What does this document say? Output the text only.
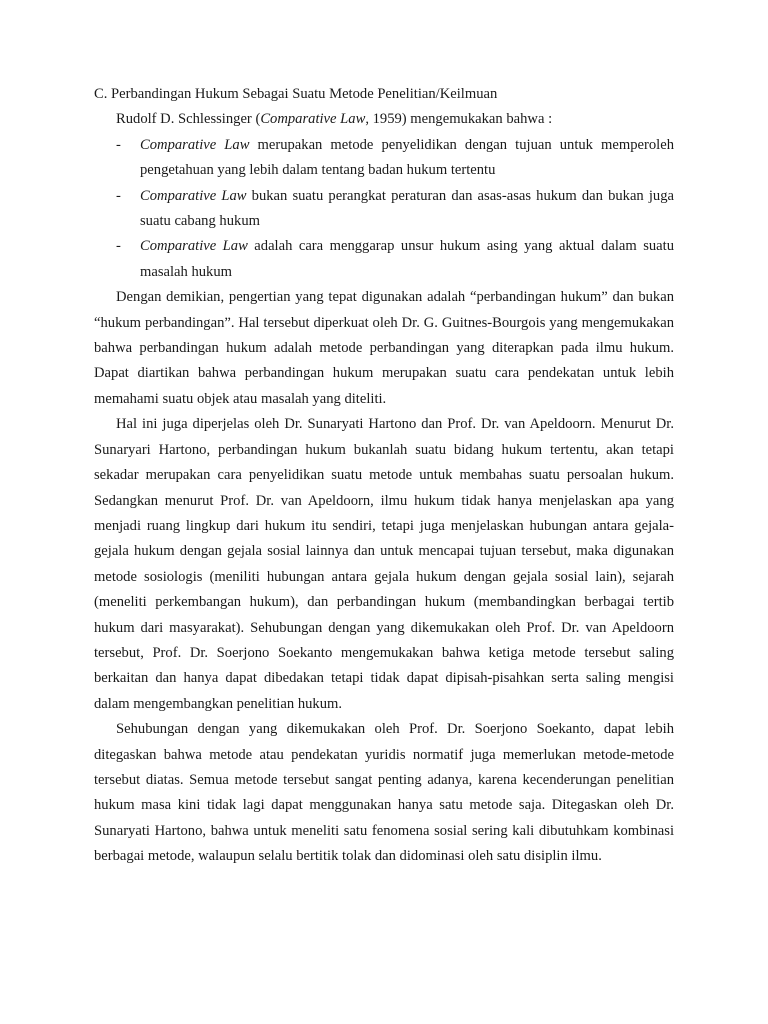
C. Perbandingan Hukum Sebagai Suatu Metode Penelitian/Keilmuan

Rudolf D. Schlessinger (Comparative Law, 1959) mengemukakan bahwa :

- Comparative Law merupakan metode penyelidikan dengan tujuan untuk memperoleh pengetahuan yang lebih dalam tentang badan hukum tertentu
- Comparative Law bukan suatu perangkat peraturan dan asas-asas hukum dan bukan juga suatu cabang hukum
- Comparative Law adalah cara menggarap unsur hukum asing yang aktual dalam suatu masalah hukum

Dengan demikian, pengertian yang tepat digunakan adalah “perbandingan hukum” dan bukan “hukum perbandingan”. Hal tersebut diperkuat oleh Dr. G. Guitnes-Bourgois yang mengemukakan bahwa perbandingan hukum adalah metode perbandingan yang diterapkan pada ilmu hukum. Dapat diartikan bahwa perbandingan hukum merupakan suatu cara pendekatan untuk lebih memahami suatu objek atau masalah yang diteliti.

Hal ini juga diperjelas oleh Dr. Sunaryati Hartono dan Prof. Dr. van Apeldoorn. Menurut Dr. Sunaryari Hartono, perbandingan hukum bukanlah suatu bidang hukum tertentu, akan tetapi sekadar merupakan cara penyelidikan suatu metode untuk membahas suatu persoalan hukum. Sedangkan menurut Prof. Dr. van Apeldoorn, ilmu hukum tidak hanya menjelaskan apa yang menjadi ruang lingkup dari hukum itu sendiri, tetapi juga menjelaskan hubungan antara gejala-gejala hukum dengan gejala sosial lainnya dan untuk mencapai tujuan tersebut, maka digunakan metode sosiologis (meniliti hubungan antara gejala hukum dengan gejala sosial lain), sejarah (meneliti perkembangan hukum), dan perbandingan hukum (membandingkan berbagai tertib hukum dari masyarakat). Sehubungan dengan yang dikemukakan oleh Prof. Dr. van Apeldoorn tersebut, Prof. Dr. Soerjono Soekanto mengemukakan bahwa ketiga metode tersebut saling berkaitan dan hanya dapat dibedakan tetapi tidak dapat dipisah-pisahkan serta saling mengisi dalam mengembangkan penelitian hukum.

Sehubungan dengan yang dikemukakan oleh Prof. Dr. Soerjono Soekanto, dapat lebih ditegaskan bahwa metode atau pendekatan yuridis normatif juga memerlukan metode-metode tersebut diatas. Semua metode tersebut sangat penting adanya, karena kecenderungan penelitian hukum masa kini tidak lagi dapat menggunakan hanya satu metode saja. Ditegaskan oleh Dr. Sunaryati Hartono, bahwa untuk meneliti satu fenomena sosial sering kali dibutuhkam kombinasi berbagai metode, walaupun selalu bertitik tolak dan didominasi oleh satu disiplin ilmu.
